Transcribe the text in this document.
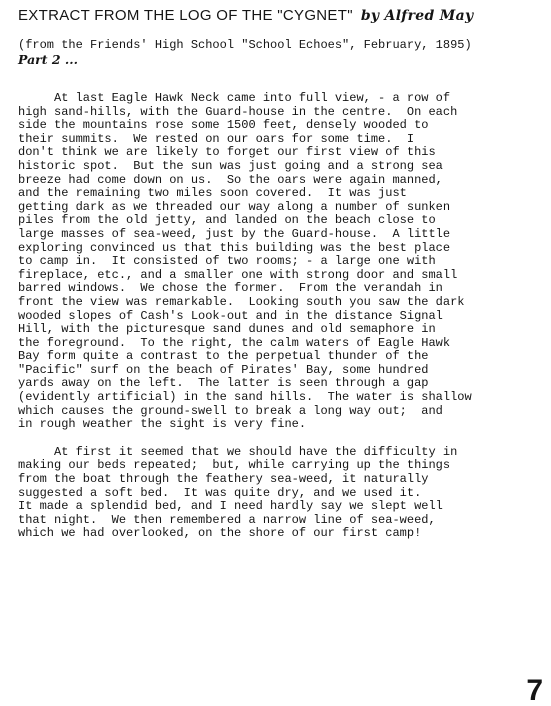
EXTRACT FROM THE LOG OF THE "CYGNET" by Alfred May
(from the Friends' High School "School Echoes", February, 1895)
Part 2 ...
At last Eagle Hawk Neck came into full view, - a row of
high sand-hills, with the Guard-house in the centre.  On each
side the mountains rose some 1500 feet, densely wooded to
their summits.  We rested on our oars for some time.  I
don't think we are likely to forget our first view of this
historic spot.  But the sun was just going and a strong sea
breeze had come down on us.  So the oars were again manned,
and the remaining two miles soon covered.  It was just
getting dark as we threaded our way along a number of sunken
piles from the old jetty, and landed on the beach close to
large masses of sea-weed, just by the Guard-house.  A little
exploring convinced us that this building was the best place
to camp in.  It consisted of two rooms; - a large one with
fireplace, etc., and a smaller one with strong door and small
barred windows.  We chose the former.  From the verandah in
front the view was remarkable.  Looking south you saw the dark
wooded slopes of Cash's Look-out and in the distance Signal
Hill, with the picturesque sand dunes and old semaphore in
the foreground.  To the right, the calm waters of Eagle Hawk
Bay form quite a contrast to the perpetual thunder of the
"Pacific" surf on the beach of Pirates' Bay, some hundred
yards away on the left.  The latter is seen through a gap
(evidently artificial) in the sand hills.  The water is shallow
which causes the ground-swell to break a long way out;  and
in rough weather the sight is very fine.
At first it seemed that we should have the difficulty in
making our beds repeated;  but, while carrying up the things
from the boat through the feathery sea-weed, it naturally
suggested a soft bed.  It was quite dry, and we used it.
It made a splendid bed, and I need hardly say we slept well
that night.  We then remembered a narrow line of sea-weed,
which we had overlooked, on the shore of our first camp!
7
